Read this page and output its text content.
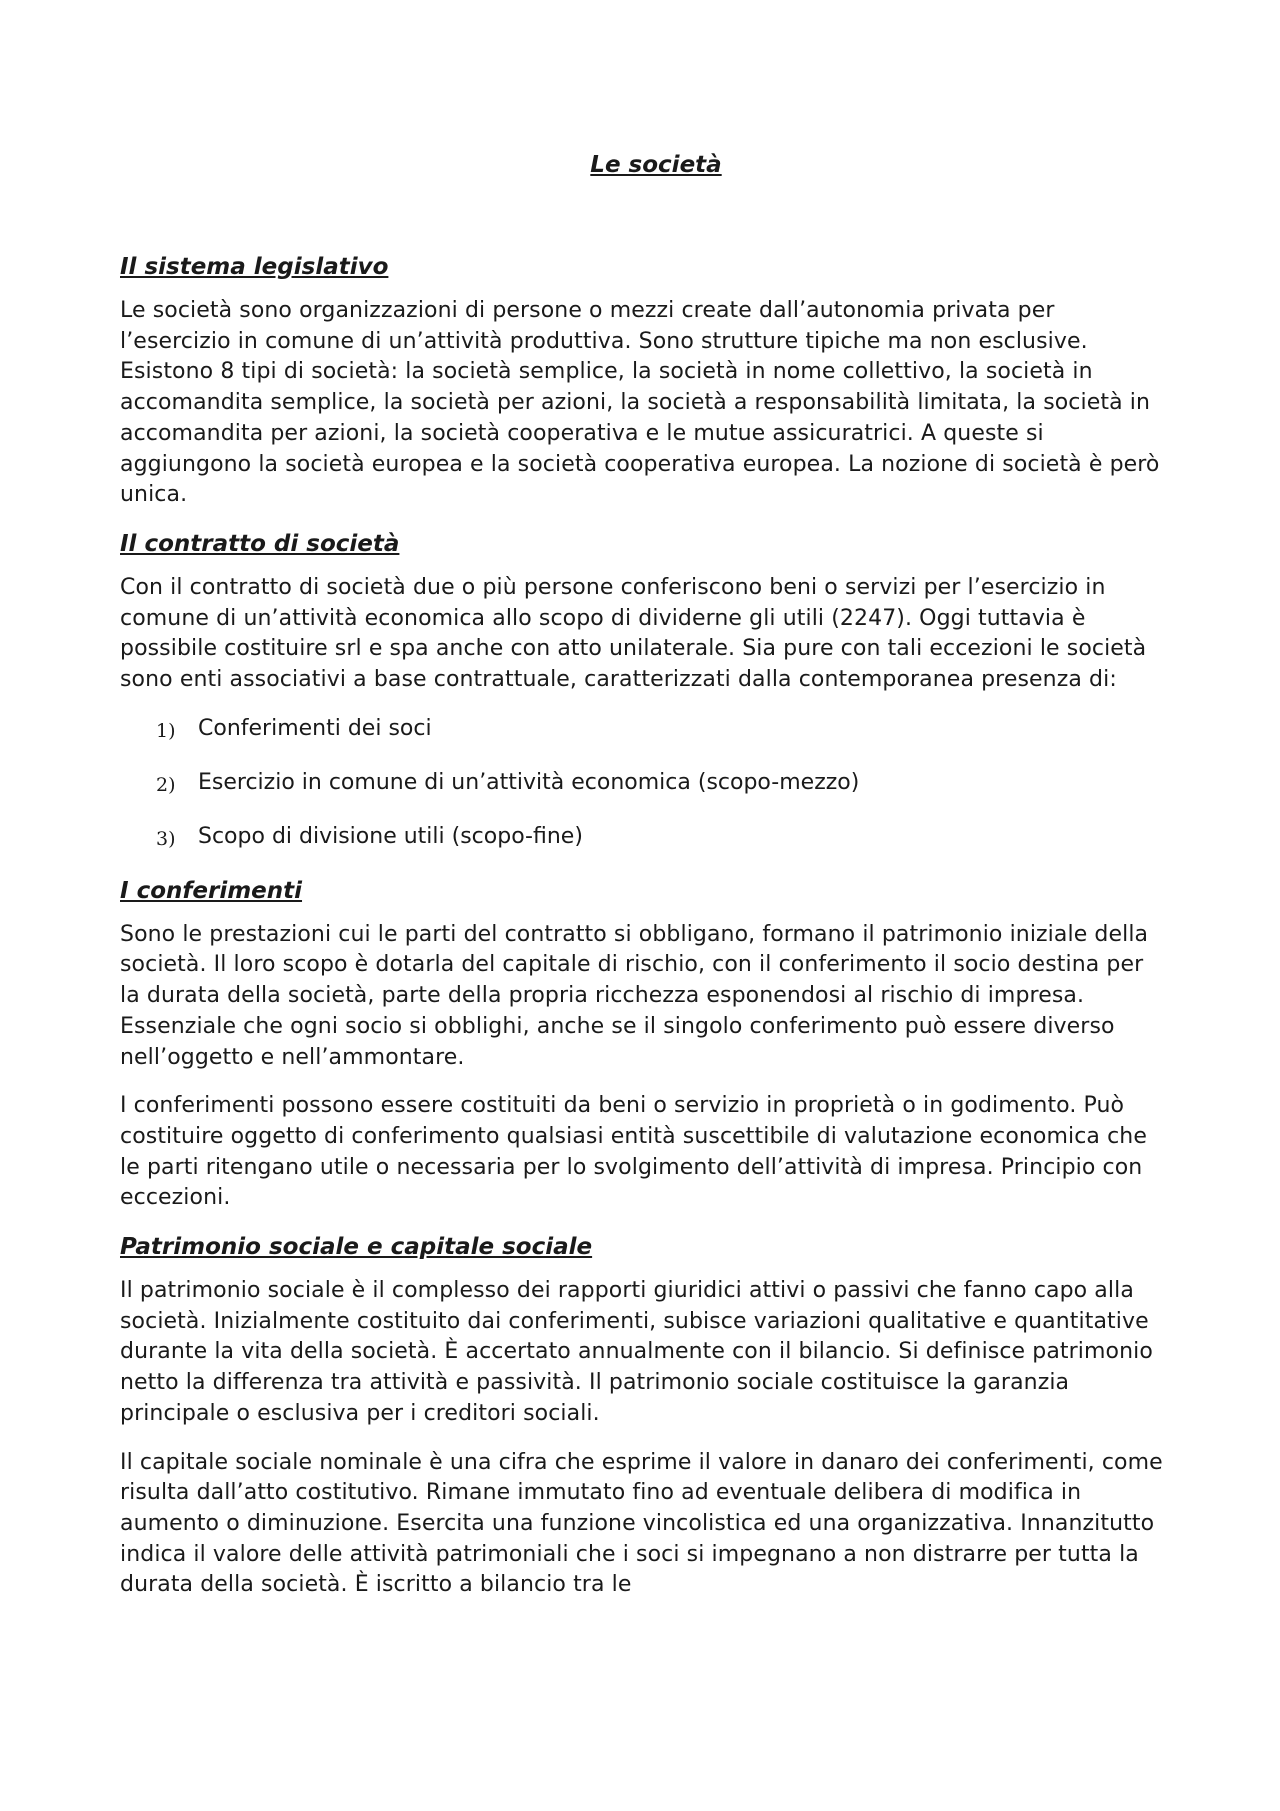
Le società
Il sistema legislativo

Le società sono organizzazioni di persone o mezzi create dall’autonomia privata per l’esercizio in comune di un’attività produttiva. Sono strutture tipiche ma non esclusive. Esistono 8 tipi di società: la società semplice, la società in nome collettivo, la società in accomandita semplice, la società per azioni, la società a responsabilità limitata, la società in accomandita per azioni, la società cooperativa e le mutue assicuratrici. A queste si aggiungono la società europea e la società cooperativa europea. La nozione di società è però unica.

Il contratto di società

Con il contratto di società due o più persone conferiscono beni o servizi per l’esercizio in comune di un’attività economica allo scopo di dividerne gli utili (2247). Oggi tuttavia è possibile costituire srl e spa anche con atto unilaterale. Sia pure con tali eccezioni le società sono enti associativi a base contrattuale, caratterizzati dalla contemporanea presenza di:

1)	Conferimenti dei soci
2)	Esercizio in comune di un’attività economica (scopo-mezzo)
3)	Scopo di divisione utili (scopo-fine)
I conferimenti

Sono le prestazioni cui le parti del contratto si obbligano, formano il patrimonio iniziale della società. Il loro scopo è dotarla del capitale di rischio, con il conferimento il socio destina per la durata della società, parte della propria ricchezza esponendosi al rischio di impresa. Essenziale che ogni socio si obblighi, anche se il singolo conferimento può essere diverso nell’oggetto e nell’ammontare.

I conferimenti possono essere costituiti da beni o servizio in proprietà o in godimento. Può costituire oggetto di conferimento qualsiasi entità suscettibile di valutazione economica che le parti ritengano utile o necessaria per lo svolgimento dell’attività di impresa. Principio con eccezioni.

Patrimonio sociale e capitale sociale

Il patrimonio sociale è il complesso dei rapporti giuridici attivi o passivi che fanno capo alla società. Inizialmente costituito dai conferimenti, subisce variazioni qualitative e quantitative durante la vita della società. È accertato annualmente con il bilancio. Si definisce patrimonio netto la differenza tra attività e passività. Il patrimonio sociale costituisce la garanzia principale o esclusiva per i creditori sociali.

Il capitale sociale nominale è una cifra che esprime il valore in danaro dei conferimenti, come risulta dall’atto costitutivo. Rimane immutato fino ad eventuale delibera di modifica in aumento o diminuzione. Esercita una funzione vincolistica ed una organizzativa. Innanzitutto indica il valore delle attività patrimoniali che i soci si impegnano a non distrarre per tutta la durata della società. È iscritto a bilancio tra le
